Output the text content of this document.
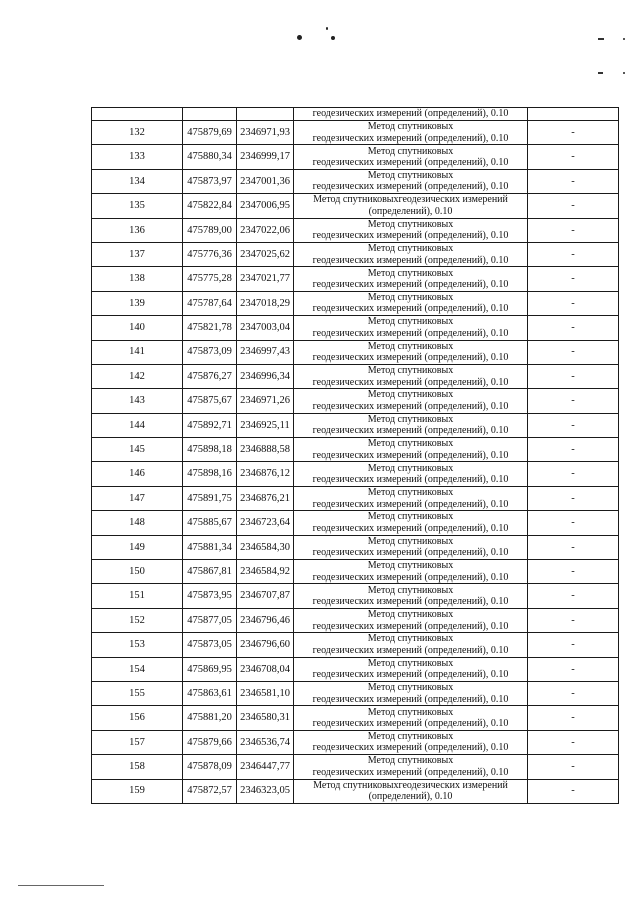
			геодезических измерений (определений), 0.10	
132	475879,69	2346971,93	Метод спутниковых
геодезических измерений (определений), 0.10	-
133	475880,34	2346999,17	Метод спутниковых
геодезических измерений (определений), 0.10	-
134	475873,97	2347001,36	Метод спутниковых
геодезических измерений (определений), 0.10	-
135	475822,84	2347006,95	Метод спутниковыхгеодезических измерений
(определений), 0.10	-
136	475789,00	2347022,06	Метод спутниковых
геодезических измерений (определений), 0.10	-
137	475776,36	2347025,62	Метод спутниковых
геодезических измерений (определений), 0.10	-
138	475775,28	2347021,77	Метод спутниковых
геодезических измерений (определений), 0.10	-
139	475787,64	2347018,29	Метод спутниковых
геодезических измерений (определений), 0.10	-
140	475821,78	2347003,04	Метод спутниковых
геодезических измерений (определений), 0.10	-
141	475873,09	2346997,43	Метод спутниковых
геодезических измерений (определений), 0.10	-
142	475876,27	2346996,34	Метод спутниковых
геодезических измерений (определений), 0.10	-
143	475875,67	2346971,26	Метод спутниковых
геодезических измерений (определений), 0.10	-
144	475892,71	2346925,11	Метод спутниковых
геодезических измерений (определений), 0.10	-
145	475898,18	2346888,58	Метод спутниковых
геодезических измерений (определений), 0.10	-
146	475898,16	2346876,12	Метод спутниковых
геодезических измерений (определений), 0.10	-
147	475891,75	2346876,21	Метод спутниковых
геодезических измерений (определений), 0.10	-
148	475885,67	2346723,64	Метод спутниковых
геодезических измерений (определений), 0.10	-
149	475881,34	2346584,30	Метод спутниковых
геодезических измерений (определений), 0.10	-
150	475867,81	2346584,92	Метод спутниковых
геодезических измерений (определений), 0.10	-
151	475873,95	2346707,87	Метод спутниковых
геодезических измерений (определений), 0.10	-
152	475877,05	2346796,46	Метод спутниковых
геодезических измерений (определений), 0.10	-
153	475873,05	2346796,60	Метод спутниковых
геодезических измерений (определений), 0.10	-
154	475869,95	2346708,04	Метод спутниковых
геодезических измерений (определений), 0.10	-
155	475863,61	2346581,10	Метод спутниковых
геодезических измерений (определений), 0.10	-
156	475881,20	2346580,31	Метод спутниковых
геодезических измерений (определений), 0.10	-
157	475879,66	2346536,74	Метод спутниковых
геодезических измерений (определений), 0.10	-
158	475878,09	2346447,77	Метод спутниковых
геодезических измерений (определений), 0.10	-
159	475872,57	2346323,05	Метод спутниковыхгеодезических измерений
(определений), 0.10	-
